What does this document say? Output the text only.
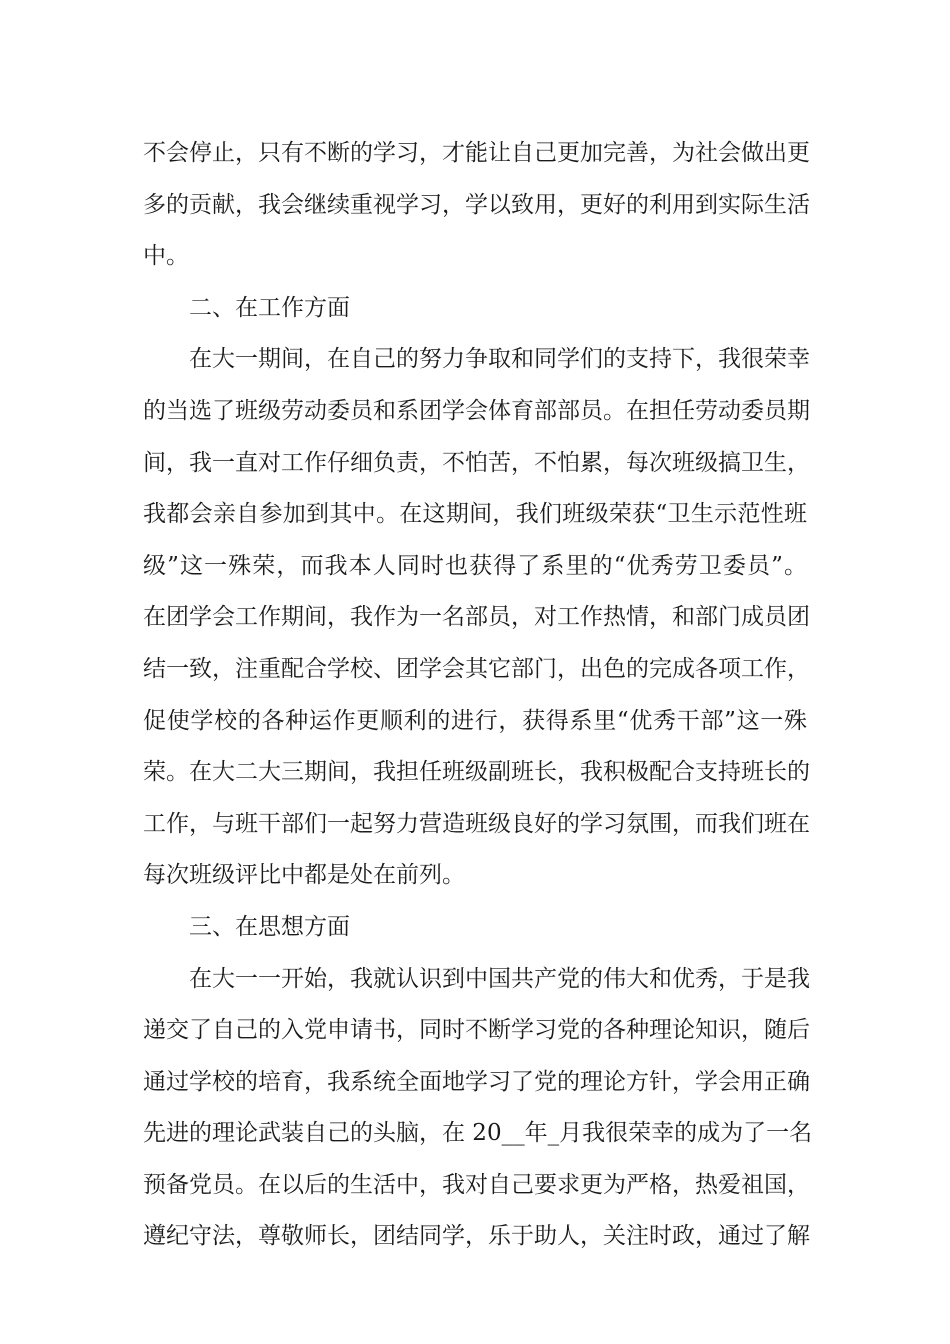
不会停止，只有不断的学习，才能让自己更加完善，为社会做出更
多的贡献，我会继续重视学习，学以致用，更好的利用到实际生活
中。
二、在工作方面
在大一期间，在自己的努力争取和同学们的支持下，我很荣幸
的当选了班级劳动委员和系团学会体育部部员。在担任劳动委员期
间，我一直对工作仔细负责，不怕苦，不怕累，每次班级搞卫生，
我都会亲自参加到其中。在这期间，我们班级荣获“卫生示范性班
级”这一殊荣，而我本人同时也获得了系里的“优秀劳卫委员”。
在团学会工作期间，我作为一名部员，对工作热情，和部门成员团
结一致，注重配合学校、团学会其它部门，出色的完成各项工作，
促使学校的各种运作更顺利的进行，获得系里“优秀干部”这一殊
荣。在大二大三期间，我担任班级副班长，我积极配合支持班长的
工作，与班干部们一起努力营造班级良好的学习氛围，而我们班在
每次班级评比中都是处在前列。
三、在思想方面
在大一一开始，我就认识到中国共产党的伟大和优秀，于是我
递交了自己的入党申请书，同时不断学习党的各种理论知识，随后
通过学校的培育，我系统全面地学习了党的理论方针，学会用正确
先进的理论武装自己的头脑，在 20__年_月我很荣幸的成为了一名
预备党员。在以后的生活中，我对自己要求更为严格，热爱祖国，
遵纪守法，尊敬师长，团结同学，乐于助人，关注时政，通过了解
